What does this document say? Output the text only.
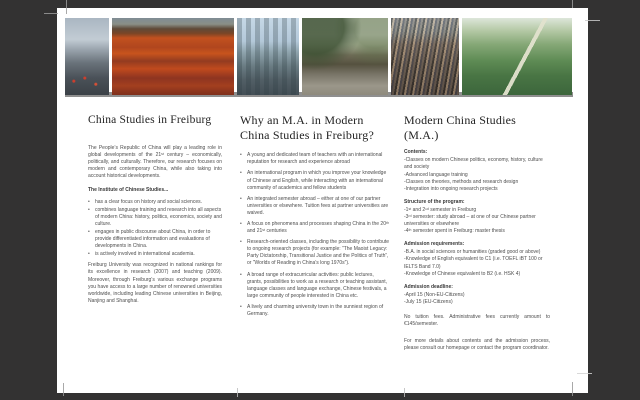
China Studies in Freiburg

The People’s Republic of China will play a leading role in global developments of the 21ˢᵗ century – economically, politically, and culturally. Therefore, our research focuses on modern and contemporary China, while also taking into account historical developments.

The Institute of Chinese Studies...

•	has a clear focus on history and social sciences.
•	combines language training and research into all aspects of modern China: history, politics, economics, society and culture.
•	engages in public discourse about China, in order to provide differentiated information and evaluations of developments in China.
•	is actively involved in international academia.

Freiburg University was recognized in national rankings for its excellence in research (2007) and teaching (2009). Moreover, through Freiburg’s various exchange programs you have access to a large number of renowned universities worldwide, including leading Chinese universities in Beijing, Nanjing and Shanghai.

Why an M.A. in Modern China Studies in Freiburg?
•	A young and dedicated team of teachers with an international reputation for research and experience abroad
•	An international program in which you improve your knowledge of Chinese and English, while interacting with an international community of academics and fellow students
•	An integrated semester abroad – either at one of our partner universities or elsewhere. Tuition fees at partner universities are waived.
•	A focus on phenomena and processes shaping China in the 20ᵗʰ and 21ˢᵗ centuries
•	Research-oriented classes, including the possibility to contribute to ongoing research projects (for example: “The Maoist Legacy: Party Dictatorship, Transitional Justice and the Politics of Truth”, or “Worlds of Reading in China’s long 1970s”).
•	A broad range of extracurricular activities: public lectures, grants, possibilities to work as a research or teaching assistant, language classes and language exchange, Chinese festivals, a large community of people interested in China etc.
•	A lively and charming university town in the sunniest region of Germany.
Modern China Studies (M.A.)

Contents:

-Classes on modern Chinese politics, economy, history, culture and society

-Advanced language training

-Classes on theories, methods and research design

-Integration into ongoing research projects

Structure of the program:

-1ˢᵗ and 2ⁿᵈ semester in Freiburg

-3ʳᵈ semester: study abroad – at one of our Chinese partner universities or elsewhere

-4ᵗʰ semester spent in Freiburg: master thesis

Admission requirements:

-B.A. in social sciences or humanities (graded good or above)

-Knowledge of English equivalent to C1 (i.e. TOEFL iBT 100 or IELTS Band 7.0)

-Knowledge of Chinese equivalent to B2 (i.e. HSK 4)

Admission deadline:

-April 15 (Non-EU-Citizens)

-July 15 (EU-Citizens)

No tuition fees. Administrative fees currently amount to €145/semester.

For more details about contents and the admission process, please consult our homepage or contact the program coordinator.
